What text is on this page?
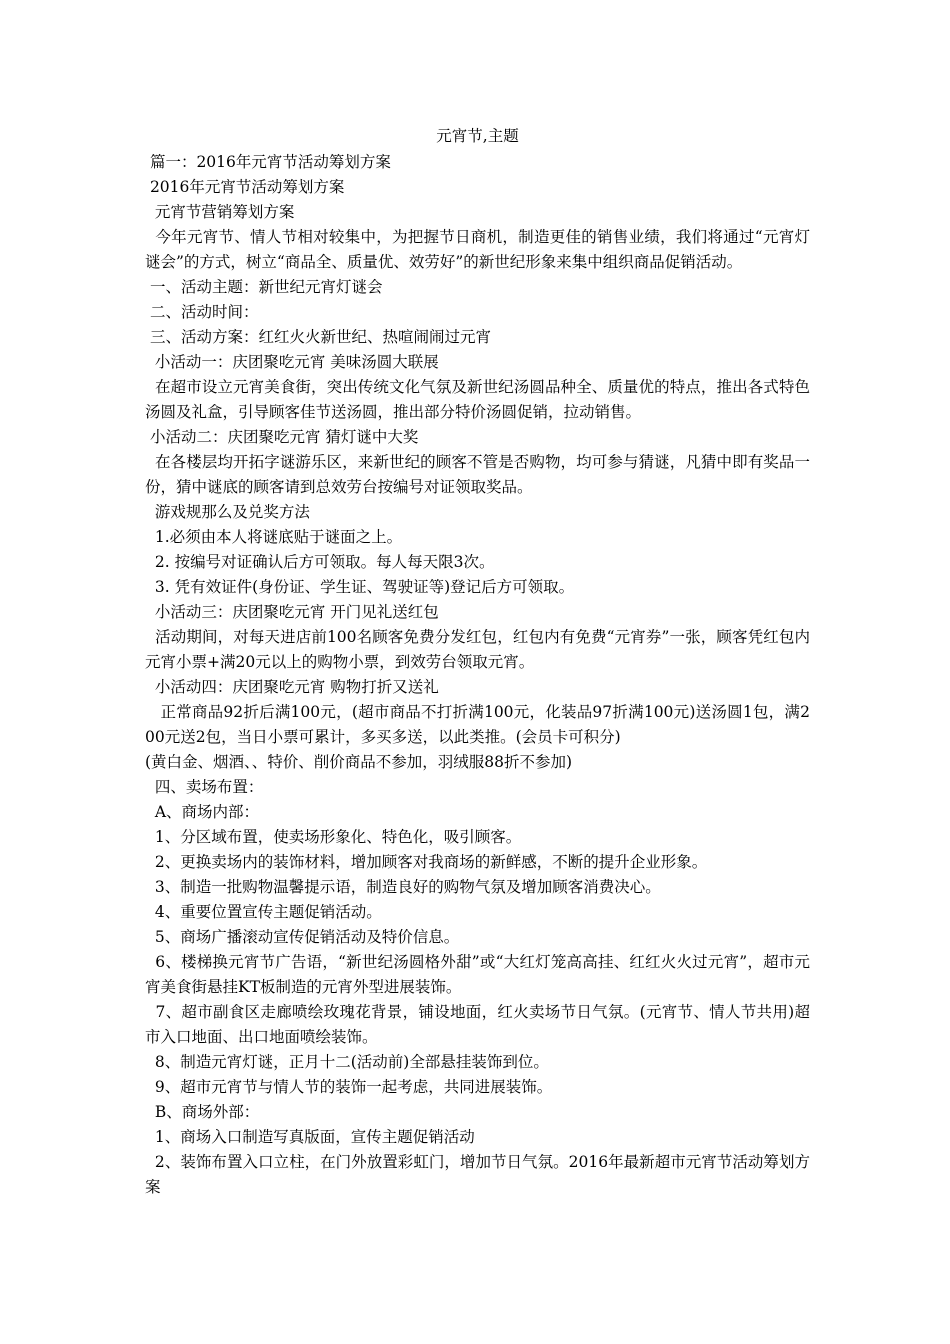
元宵节,主题

篇一：2016年元宵节活动筹划方案

2016年元宵节活动筹划方案

元宵节营销筹划方案

今年元宵节、情人节相对较集中，为把握节日商机，制造更佳的销售业绩，我们将通过“元宵灯谜会”的方式，树立“商品全、质量优、效劳好”的新世纪形象来集中组织商品促销活动。

一、活动主题：新世纪元宵灯谜会

二、活动时间：

三、活动方案：红红火火新世纪、热喧闹闹过元宵

小活动一：庆团聚吃元宵 美味汤圆大联展

在超市设立元宵美食街，突出传统文化气氛及新世纪汤圆品种全、质量优的特点，推出各式特色汤圆及礼盒，引导顾客佳节送汤圆，推出部分特价汤圆促销，拉动销售。

小活动二：庆团聚吃元宵 猜灯谜中大奖

在各楼层均开拓字谜游乐区，来新世纪的顾客不管是否购物，均可参与猜谜，凡猜中即有奖品一份，猜中谜底的顾客请到总效劳台按编号对证领取奖品。

游戏规那么及兑奖方法

1.必须由本人将谜底贴于谜面之上。

2. 按编号对证确认后方可领取。每人每天限3次。

3. 凭有效证件(身份证、学生证、驾驶证等)登记后方可领取。

小活动三：庆团聚吃元宵 开门见礼送红包

活动期间，对每天进店前100名顾客免费分发红包，红包内有免费“元宵券”一张，顾客凭红包内元宵小票+满20元以上的购物小票，到效劳台领取元宵。

小活动四：庆团聚吃元宵 购物打折又送礼

正常商品92折后满100元，(超市商品不打折满100元，化装品97折满100元)送汤圆1包，满200元送2包，当日小票可累计，多买多送，以此类推。(会员卡可积分)

(黄白金、烟酒、、特价、削价商品不参加，羽绒服88折不参加)

四、卖场布置：

A、商场内部：

1、分区域布置，使卖场形象化、特色化，吸引顾客。

2、更换卖场内的装饰材料，增加顾客对我商场的新鲜感，不断的提升企业形象。

3、制造一批购物温馨提示语，制造良好的购物气氛及增加顾客消费决心。

4、重要位置宣传主题促销活动。

5、商场广播滚动宣传促销活动及特价信息。

6、楼梯换元宵节广告语，“新世纪汤圆格外甜”或“大红灯笼高高挂、红红火火过元宵”，超市元宵美食街悬挂KT板制造的元宵外型进展装饰。

7、超市副食区走廊喷绘玫瑰花背景，铺设地面，红火卖场节日气氛。(元宵节、情人节共用)超市入口地面、出口地面喷绘装饰。

8、制造元宵灯谜，正月十二(活动前)全部悬挂装饰到位。

9、超市元宵节与情人节的装饰一起考虑，共同进展装饰。

B、商场外部：

1、商场入口制造写真版面，宣传主题促销活动

2、装饰布置入口立柱，在门外放置彩虹门，增加节日气氛。2016年最新超市元宵节活动筹划方案
